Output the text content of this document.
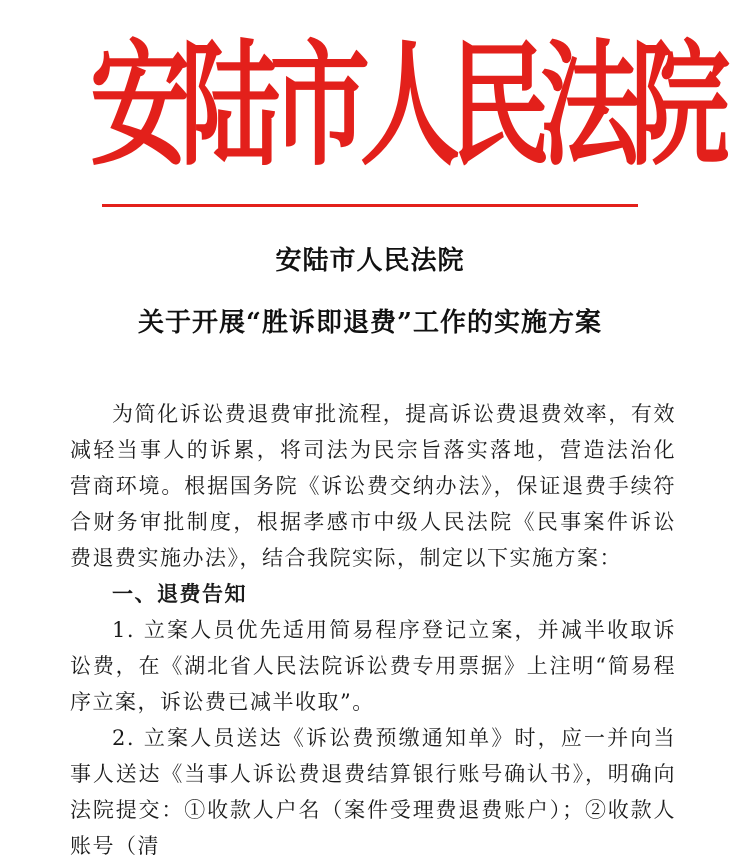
安
陆
市
人
民
法
院
安陆市人民法院
关于开展“胜诉即退费”工作的实施方案

为简化诉讼费退费审批流程，提高诉讼费退费效率，有效减轻当事人的诉累，将司法为民宗旨落实落地，营造法治化营商环境。根据国务院《诉讼费交纳办法》，保证退费手续符合财务审批制度，根据孝感市中级人民法院《民事案件诉讼费退费实施办法》，结合我院实际，制定以下实施方案：

一、退费告知

1. 立案人员优先适用简易程序登记立案，并减半收取诉讼费，在《湖北省人民法院诉讼费专用票据》上注明“简易程序立案，诉讼费已减半收取”。

2. 立案人员送达《诉讼费预缴通知单》时，应一并向当事人送达《当事人诉讼费退费结算银行账号确认书》，明确向法院提交：①收款人户名（案件受理费退费账户）；②收款人账号（清
